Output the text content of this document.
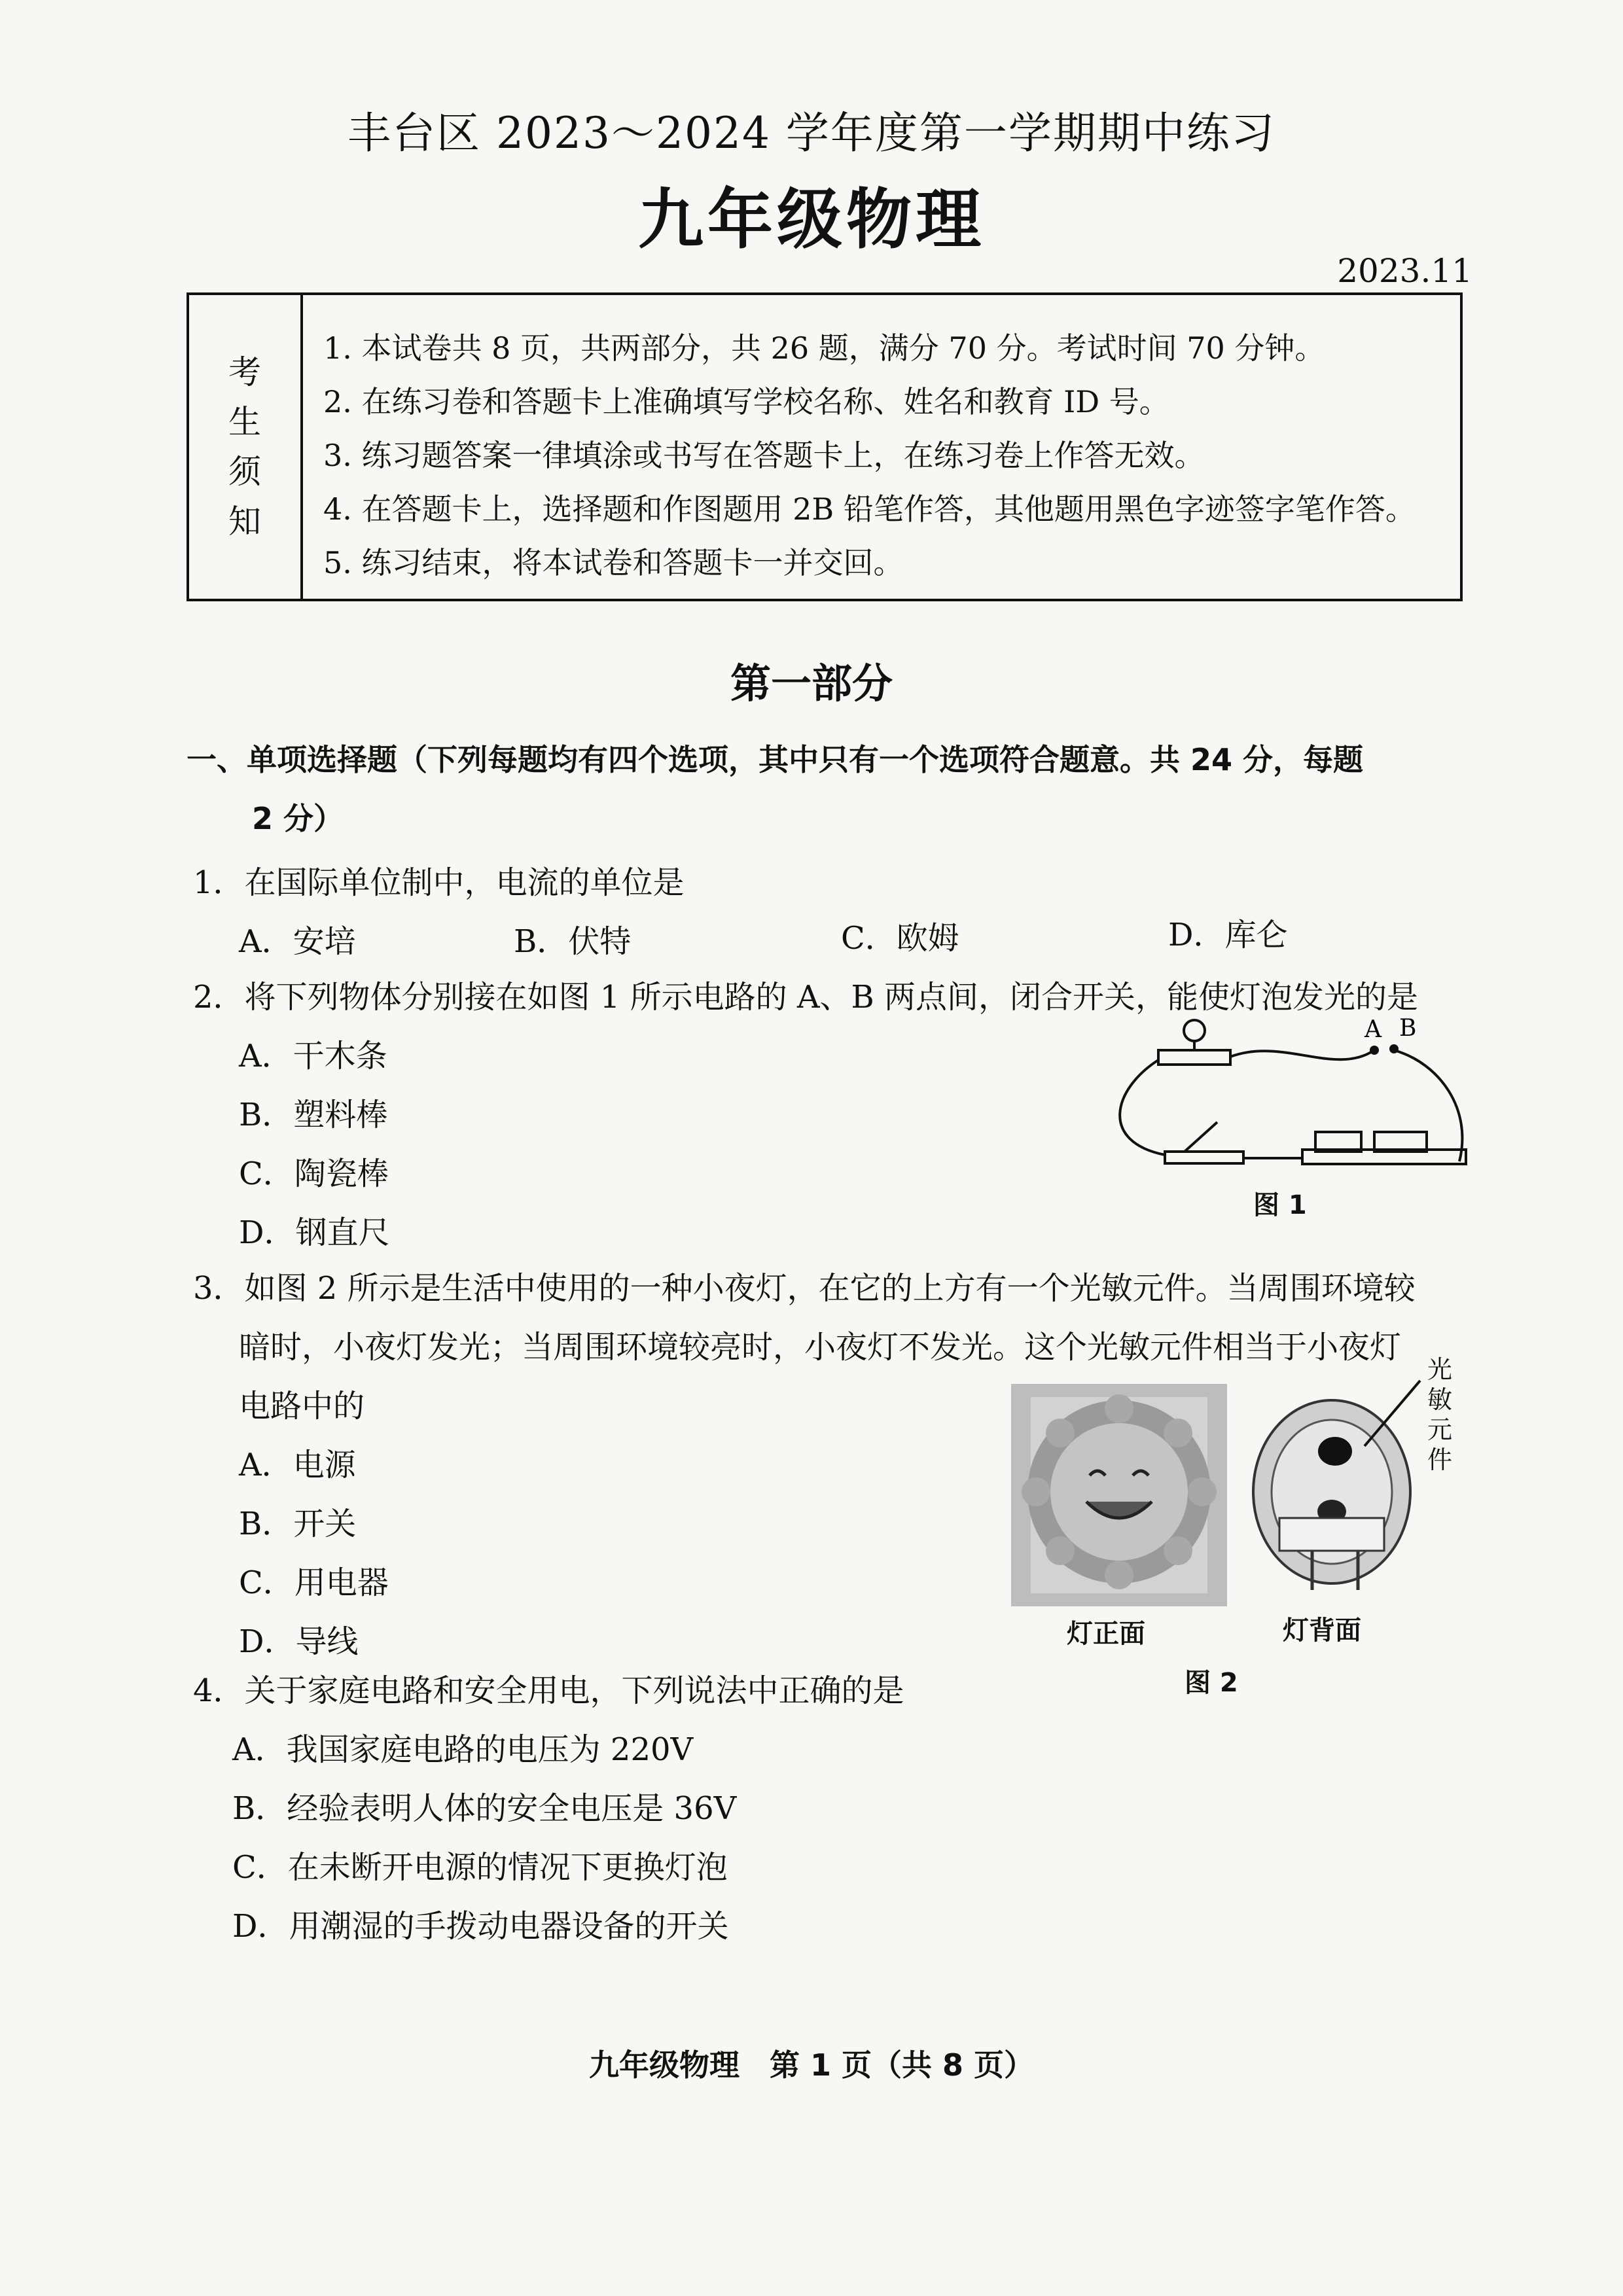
丰台区 2023～2024 学年度第一学期期中练习
九年级物理
2023.11
考
生
须
知
1. 本试卷共 8 页，共两部分，共 26 题，满分 70 分。考试时间 70 分钟。
2. 在练习卷和答题卡上准确填写学校名称、姓名和教育 ID 号。
3. 练习题答案一律填涂或书写在答题卡上，在练习卷上作答无效。
4. 在答题卡上，选择题和作图题用 2B 铅笔作答，其他题用黑色字迹签字笔作答。
5. 练习结束，将本试卷和答题卡一并交回。
第一部分
一、单项选择题（下列每题均有四个选项，其中只有一个选项符合题意。共 24 分，每题
2 分）
1．在国际单位制中，电流的单位是
A．安培	B．伏特	C．欧姆	D．库仑
2．将下列物体分别接在如图 1 所示电路的 A、B 两点间，闭合开关，能使灯泡发光的是
A．干木条
B．塑料棒
C．陶瓷棒
D．钢直尺
A B
图 1
3．如图 2 所示是生活中使用的一种小夜灯，在它的上方有一个光敏元件。当周围环境较
暗时，小夜灯发光；当周围环境较亮时，小夜灯不发光。这个光敏元件相当于小夜灯
电路中的
A．电源
B．开关
C．用电器
D．导线
光敏元件
灯正面	灯背面
图 2
4．关于家庭电路和安全用电，下列说法中正确的是
A．我国家庭电路的电压为 220V
B．经验表明人体的安全电压是 36V
C．在未断开电源的情况下更换灯泡
D．用潮湿的手拨动电器设备的开关
九年级物理　第 1 页（共 8 页）
